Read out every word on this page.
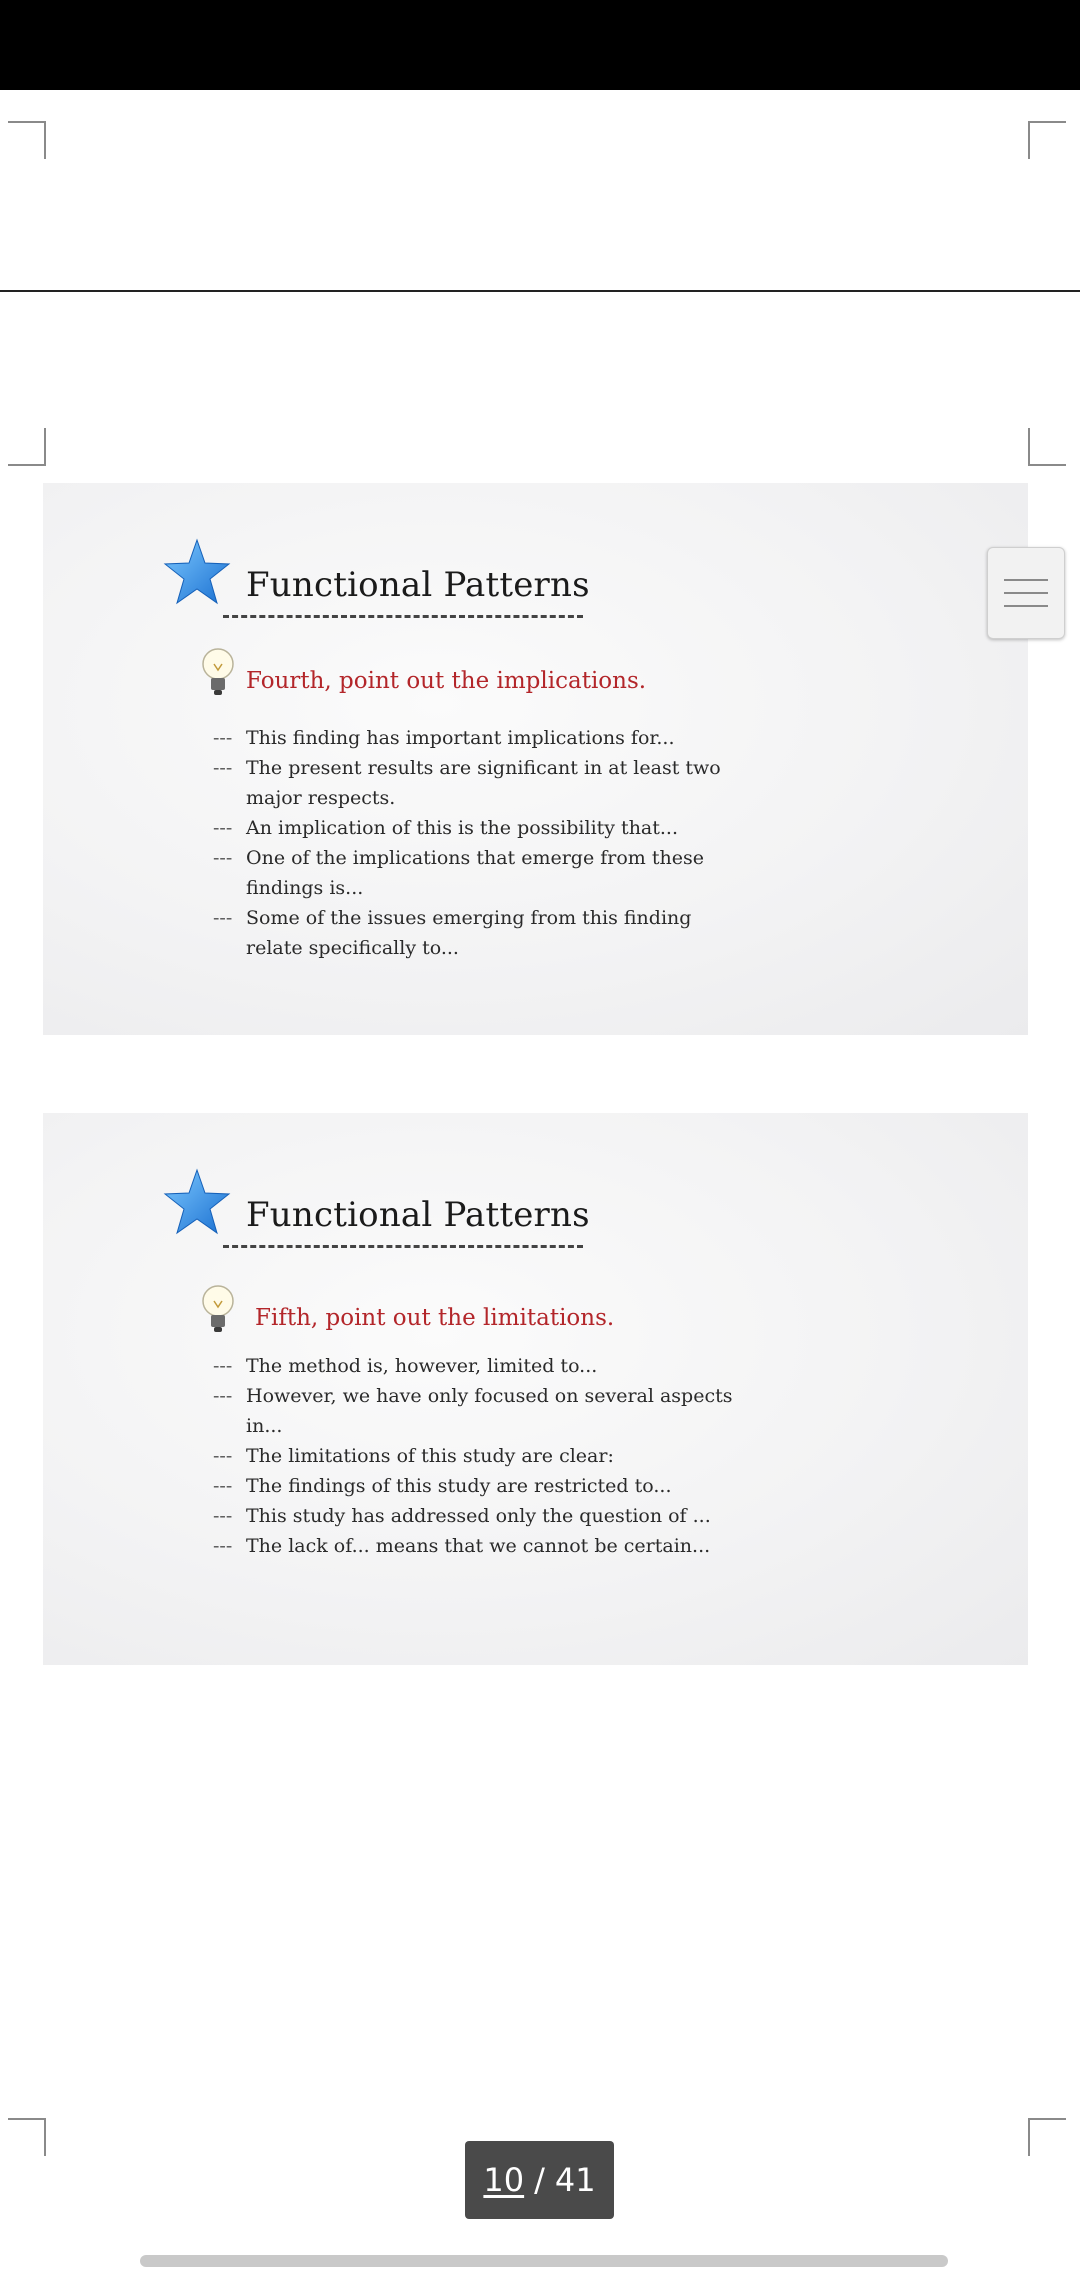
Functional Patterns
Fourth, point out the implications.
--- This finding has important implications for...
--- The present results are significant in at least two
major respects.
--- An implication of this is the possibility that...
--- One of the implications that emerge from these
findings is...
--- Some of the issues emerging from this finding
relate specifically to...
Functional Patterns
Fifth, point out the limitations.
--- The method is, however, limited to...
--- However, we have only focused on several aspects
in...
--- The limitations of this study are clear:
--- The findings of this study are restricted to...
--- This study has addressed only the question of ...
--- The lack of... means that we cannot be certain...
10 / 41
